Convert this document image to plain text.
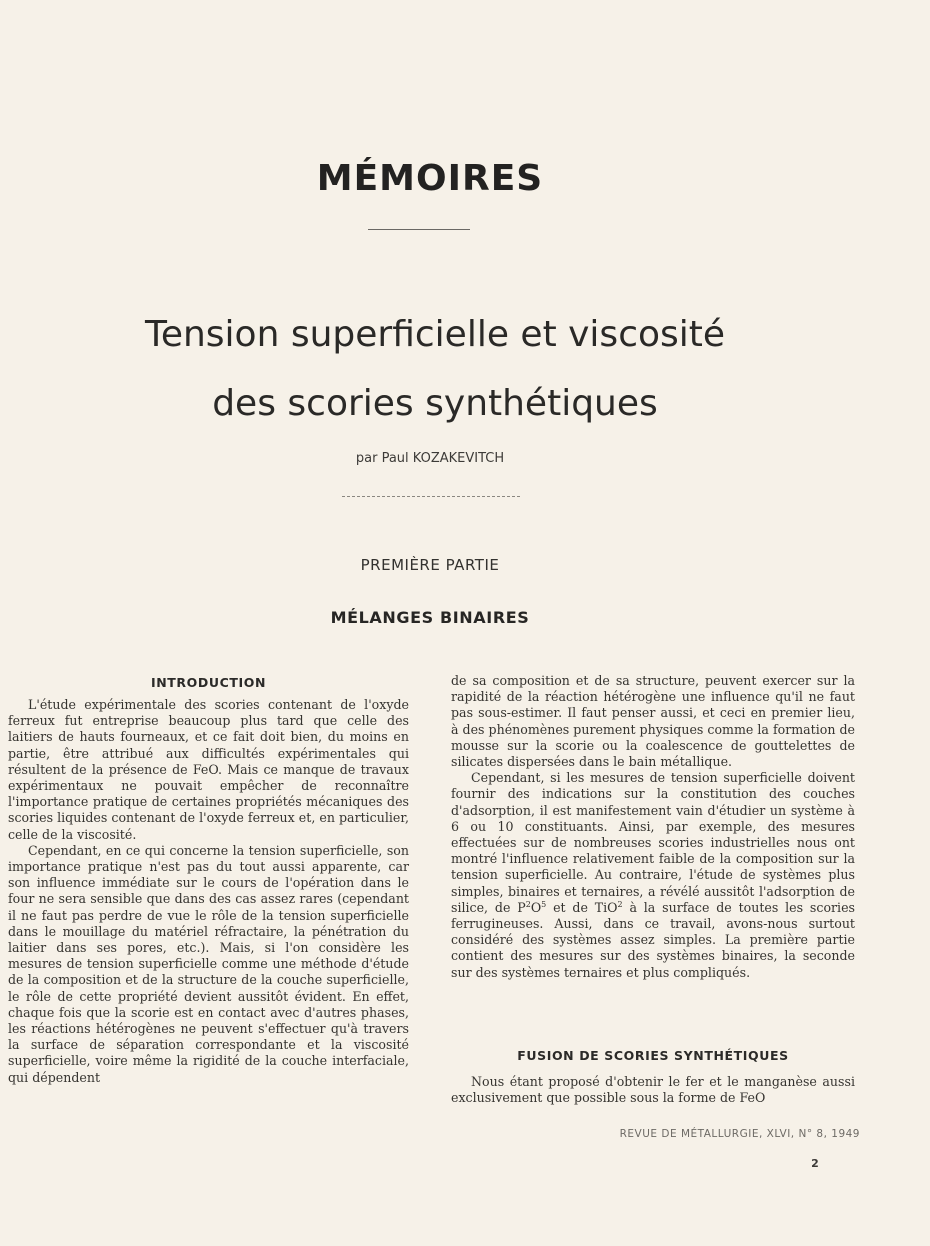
MÉMOIRES
Tension superficielle et viscosité
des scories synthétiques
par Paul KOZAKEVITCH
PREMIÈRE PARTIE
MÉLANGES BINAIRES
INTRODUCTION

L'étude expérimentale des scories contenant de l'oxyde ferreux fut entreprise beaucoup plus tard que celle des laitiers de hauts fourneaux, et ce fait doit bien, du moins en partie, être attribué aux difficultés expérimentales qui résultent de la présence de FeO. Mais ce manque de travaux expérimentaux ne pouvait empêcher de reconnaître l'importance pratique de certaines propriétés mécaniques des scories liquides contenant de l'oxyde ferreux et, en particulier, celle de la viscosité.

Cependant, en ce qui concerne la tension superficielle, son importance pratique n'est pas du tout aussi apparente, car son influence immédiate sur le cours de l'opération dans le four ne sera sensible que dans des cas assez rares (cependant il ne faut pas perdre de vue le rôle de la tension superficielle dans le mouillage du matériel réfractaire, la pénétration du laitier dans ses pores, etc.). Mais, si l'on considère les mesures de tension superficielle comme une méthode d'étude de la composition et de la structure de la couche superficielle, le rôle de cette propriété devient aussitôt évident. En effet, chaque fois que la scorie est en contact avec d'autres phases, les réactions hétérogènes ne peuvent s'effectuer qu'à travers la surface de séparation correspondante et la viscosité superficielle, voire même la rigidité de la couche interfaciale, qui dépendent

de sa composition et de sa structure, peuvent exercer sur la rapidité de la réaction hétérogène une influence qu'il ne faut pas sous-estimer. Il faut penser aussi, et ceci en premier lieu, à des phénomènes purement physiques comme la formation de mousse sur la scorie ou la coalescence de gouttelettes de silicates dispersées dans le bain métallique.

Cependant, si les mesures de tension superficielle doivent fournir des indications sur la constitution des couches d'adsorption, il est manifestement vain d'étudier un système à 6 ou 10 constituants. Ainsi, par exemple, des mesures effectuées sur de nombreuses scories industrielles nous ont montré l'influence relativement faible de la composition sur la tension superficielle. Au contraire, l'étude de systèmes plus simples, binaires et ternaires, a révélé aussitôt l'adsorption de silice, de $P^2O^5$ et de TiO$^2$ à la surface de toutes les scories ferrugineuses. Aussi, dans ce travail, avons-nous surtout considéré des systèmes assez simples. La première partie contient des mesures sur des systèmes binaires, la seconde sur des systèmes ternaires et plus compliqués.

FUSION DE SCORIES SYNTHÉTIQUES

Nous étant proposé d'obtenir le fer et le manganèse aussi exclusivement que possible sous la forme de FeO

REVUE DE MÉTALLURGIE, XLVI, N° 8, 1949
2
